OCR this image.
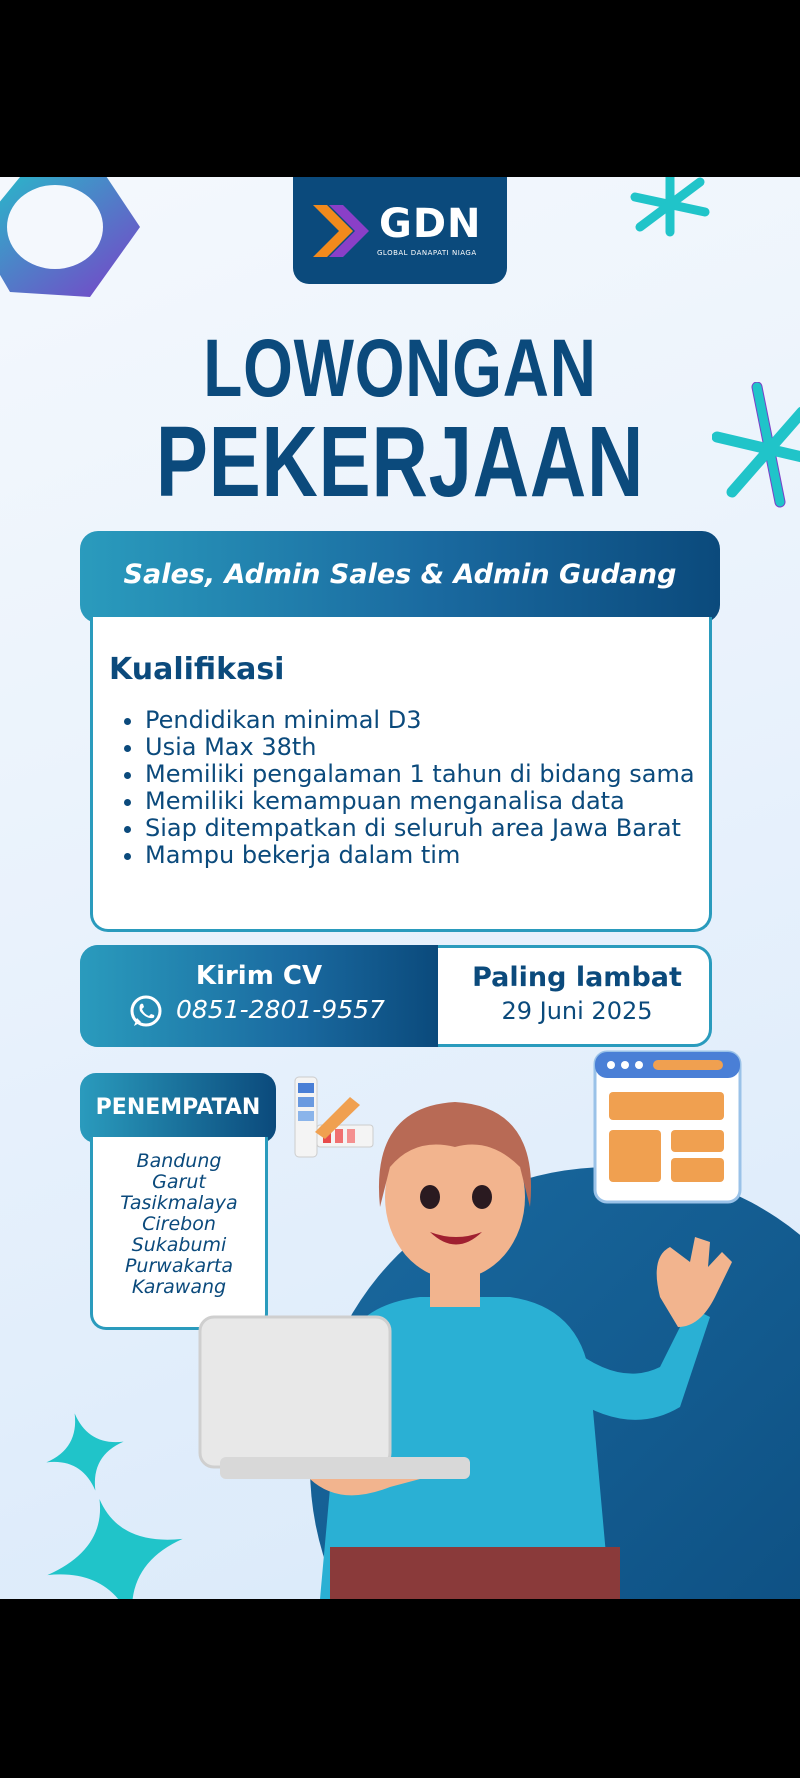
GDN
GLOBAL DANAPATI NIAGA
LOWONGAN
PEKERJAAN
Sales, Admin Sales & Admin Gudang
Kualifikasi
• Pendidikan minimal D3
• Usia Max 38th
• Memiliki pengalaman 1 tahun di bidang sama
• Memiliki kemampuan menganalisa data
• Siap ditempatkan di seluruh area Jawa Barat
• Mampu bekerja dalam tim
Kirim CV
0851-2801-9557
Paling lambat
29 Juni 2025
PENEMPATAN
Bandung
Garut
Tasikmalaya
Cirebon
Sukabumi
Purwakarta
Karawang
